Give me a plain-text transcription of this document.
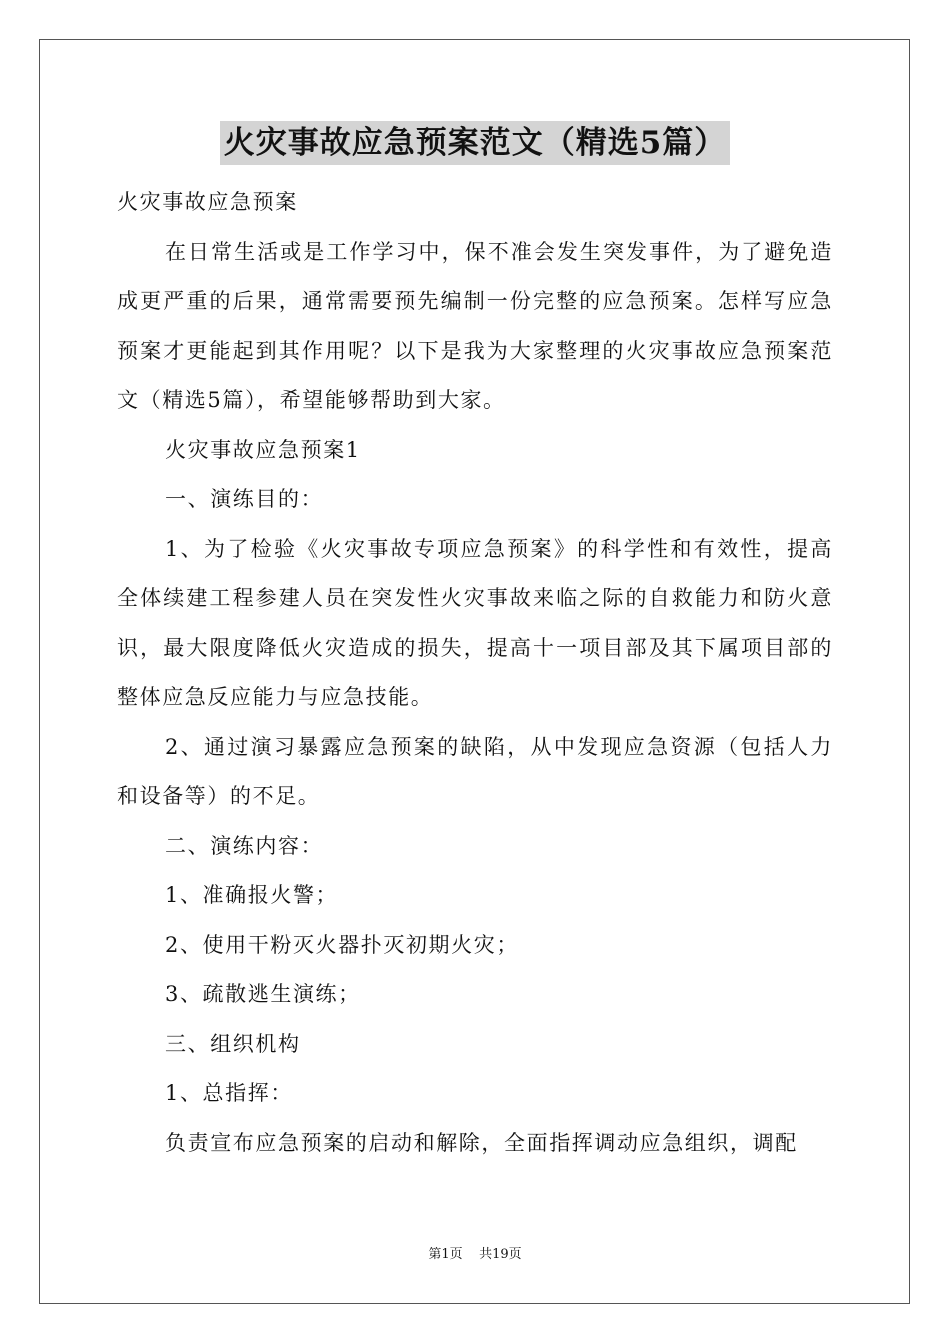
火灾事故应急预案范文（精选5篇）

火灾事故应急预案

在日常生活或是工作学习中，保不准会发生突发事件，为了避免造成更严重的后果，通常需要预先编制一份完整的应急预案。怎样写应急预案才更能起到其作用呢？以下是我为大家整理的火灾事故应急预案范文（精选5篇），希望能够帮助到大家。

火灾事故应急预案1

一、演练目的：

1、为了检验《火灾事故专项应急预案》的科学性和有效性，提高全体续建工程参建人员在突发性火灾事故来临之际的自救能力和防火意识，最大限度降低火灾造成的损失，提高十一项目部及其下属项目部的整体应急反应能力与应急技能。

2、通过演习暴露应急预案的缺陷，从中发现应急资源（包括人力和设备等）的不足。

二、演练内容：

1、准确报火警；

2、使用干粉灭火器扑灭初期火灾；

3、疏散逃生演练；

三、组织机构

1、总指挥：

负责宣布应急预案的启动和解除，全面指挥调动应急组织，调配

第1页 共19页
